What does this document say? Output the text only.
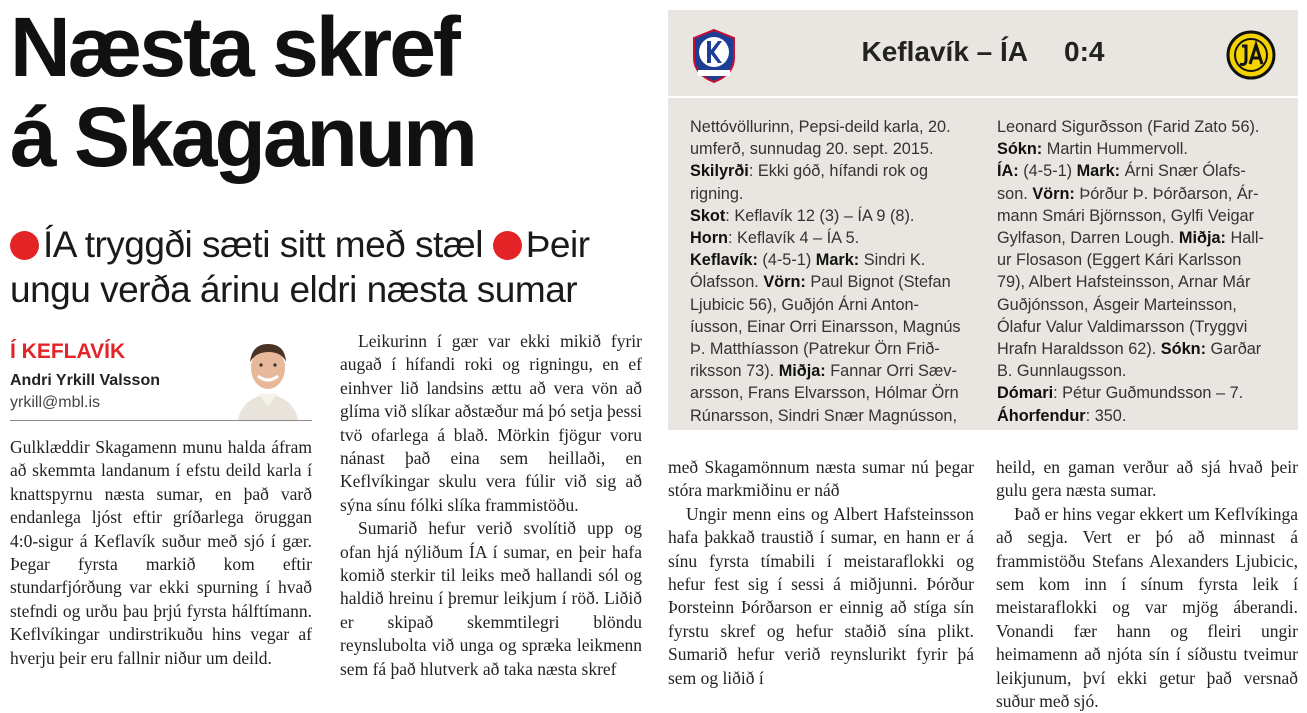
Næsta skref
á Skaganum
ÍA tryggði sæti sitt með stæl Þeir
ungu verða árinu eldri næsta sumar
Í KEFLAVÍK
Andri Yrkill Valsson
yrkill@mbl.is

Gulklæddir Skagamenn munu halda áfram að skemmta landanum í efstu deild karla í knattspyrnu næsta sumar, en það varð endanlega ljóst eftir gríðarlega öruggan 4:0-sigur á Keflavík suður með sjó í gær. Þegar fyrsta markið kom eftir stundarfjórðung var ekki spurning í hvað stefndi og urðu þau þrjú fyrsta hálftímann. Keflvíkingar undirstrikuðu hins vegar af hverju þeir eru fallnir niður um deild.

Leikurinn í gær var ekki mikið fyrir augað í hífandi roki og rigningu, en ef einhver lið landsins ættu að vera vön að glíma við slíkar aðstæður má þó setja þessi tvö ofarlega á blað. Mörkin fjögur voru nánast það eina sem heillaði, en Keflvíkingar skulu vera fúlir við sig að sýna sínu fólki slíka frammistöðu.

Sumarið hefur verið svolítið upp og ofan hjá nýliðum ÍA í sumar, en þeir hafa komið sterkir til leiks með hallandi sól og haldið hreinu í þremur leikjum í röð. Liðið er skipað skemmtilegri blöndu reynslubolta við unga og spræka leikmenn sem fá það hlutverk að taka næsta skref

með Skagamönnum næsta sumar nú þegar stóra markmiðinu er náð

Ungir menn eins og Albert Hafsteinsson hafa þakkað traustið í sumar, en hann er á sínu fyrsta tímabili í meistaraflokki og hefur fest sig í sessi á miðjunni. Þórður Þorsteinn Þórðarson er einnig að stíga sín fyrstu skref og hefur staðið sína plikt. Sumarið hefur verið reynslurikt fyrir þá sem og liðið í

heild, en gaman verður að sjá hvað þeir gulu gera næsta sumar.

Það er hins vegar ekkert um Keflvíkinga að segja. Vert er þó að minnast á frammistöðu Stefans Alexanders Ljubicic, sem kom inn í sínum fyrsta leik í meistaraflokki og var mjög áberandi. Vonandi fær hann og fleiri ungir heimamenn að njóta sín í síðustu tveimur leikjunum, því ekki getur það versnað suður með sjó.

Keflavík – ÍA 0:4
Nettóvöllurinn, Pepsi-deild karla, 20.
umferð, sunnudag 20. sept. 2015.
Skilyrði: Ekki góð, hífandi rok og
rigning.
Skot: Keflavík 12 (3) – ÍA 9 (8).
Horn: Keflavík 4 – ÍA 5.
Keflavík: (4-5-1) Mark: Sindri K.
Ólafsson. Vörn: Paul Bignot (Stefan
Ljubicic 56), Guðjón Árni Anton-
íusson, Einar Orri Einarsson, Magnús
Þ. Matthíasson (Patrekur Örn Frið-
riksson 73). Miðja: Fannar Orri Sæv-
arsson, Frans Elvarsson, Hólmar Örn
Rúnarsson, Sindri Snær Magnússon,
Leonard Sigurðsson (Farid Zato 56).
Sókn: Martin Hummervoll.
ÍA: (4-5-1) Mark: Árni Snær Ólafs-
son. Vörn: Þórður Þ. Þórðarson, Ár-
mann Smári Björnsson, Gylfi Veigar
Gylfason, Darren Lough. Miðja: Hall-
ur Flosason (Eggert Kári Karlsson
79), Albert Hafsteinsson, Arnar Már
Guðjónsson, Ásgeir Marteinsson,
Ólafur Valur Valdimarsson (Tryggvi
Hrafn Haraldsson 62). Sókn: Garðar
B. Gunnlaugsson.
Dómari: Pétur Guðmundsson – 7.
Áhorfendur: 350.
